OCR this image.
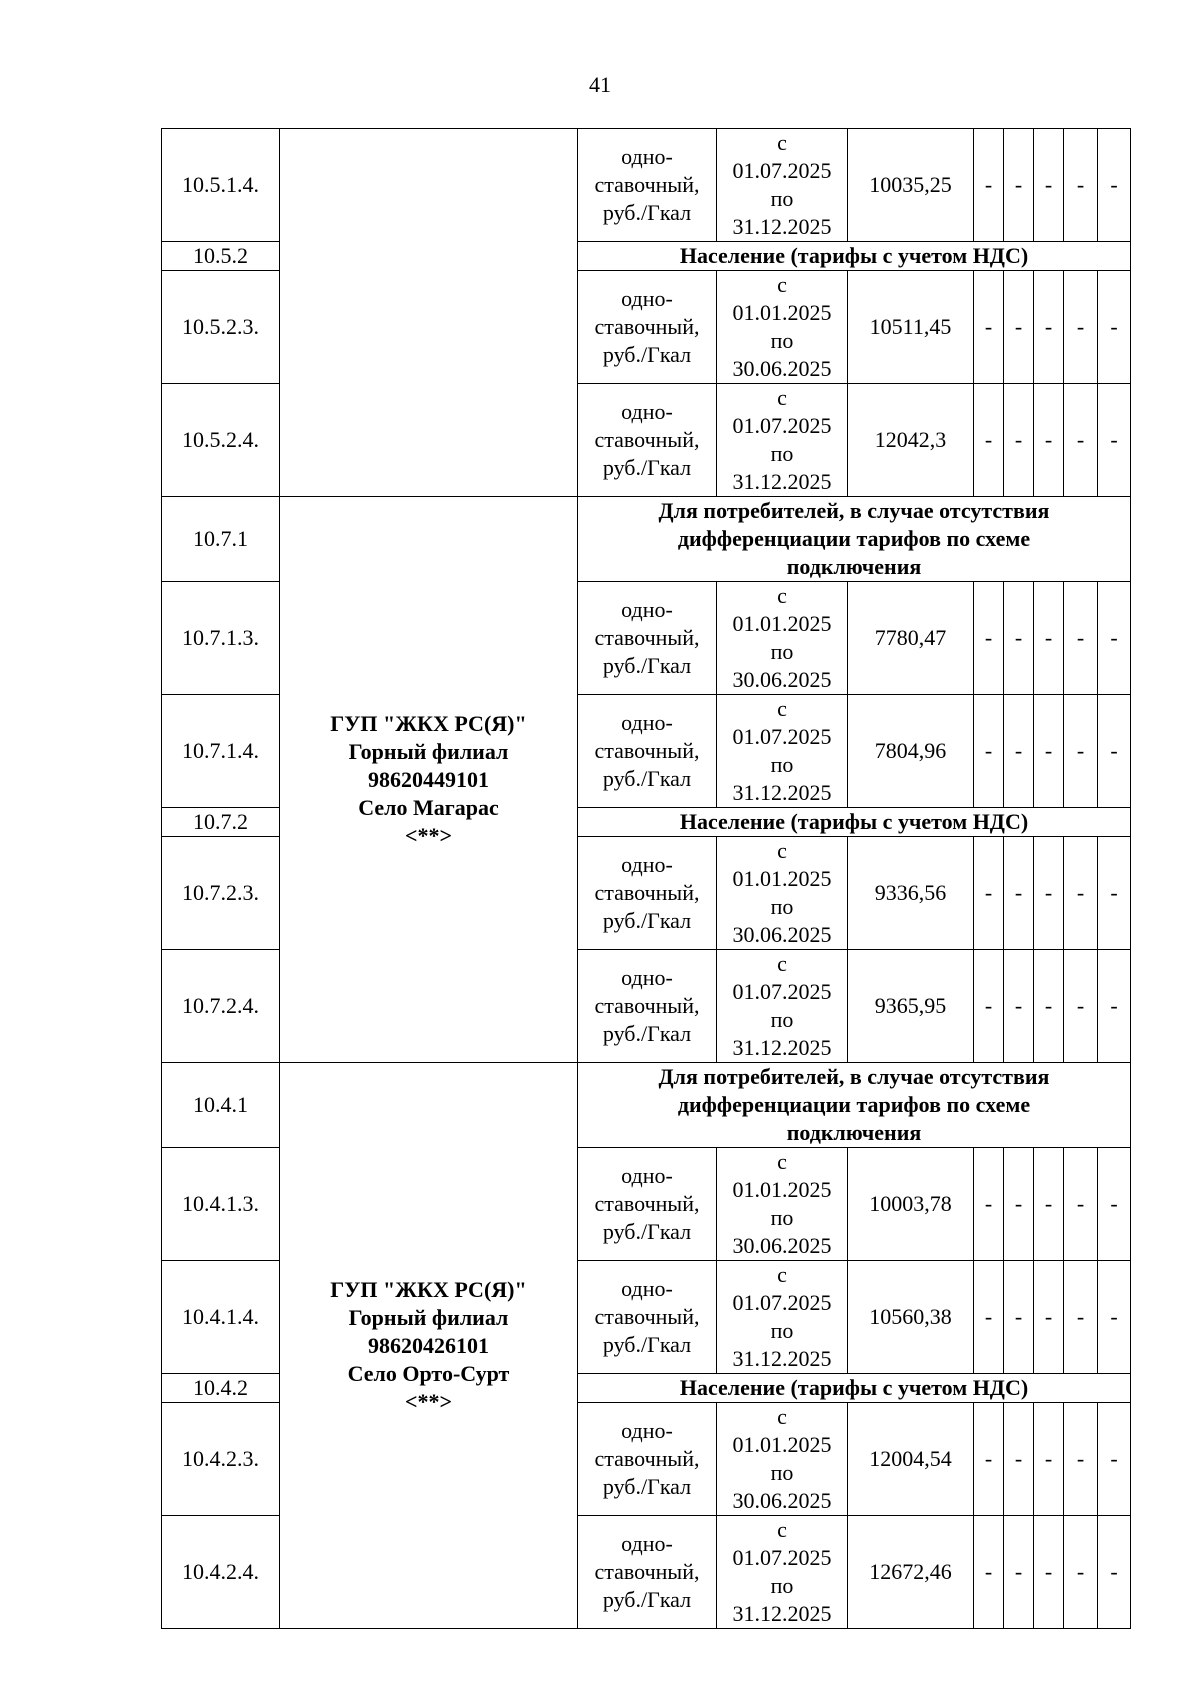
41
10.5.1.4.		одно-
ставочный,
руб./Гкал	с
01.07.2025
по
31.12.2025	10035,25	-	-	-	-	-
10.5.2		Население (тарифы с учетом НДС)							
10.5.2.3.		одно-
ставочный,
руб./Гкал	с
01.01.2025
по
30.06.2025	10511,45	-	-	-	-	-
10.5.2.4.		одно-
ставочный,
руб./Гкал	с
01.07.2025
по
31.12.2025	12042,3	-	-	-	-	-
10.7.1	ГУП "ЖКХ РС(Я)"
Горный филиал
98620449101
Село Магарас
<**>	Для потребителей, в случае отсутствия дифференциации тарифов по схеме подключения							
10.7.1.3.		одно-
ставочный,
руб./Гкал	с
01.01.2025
по
30.06.2025	7780,47	-	-	-	-	-
10.7.1.4.		одно-
ставочный,
руб./Гкал	с
01.07.2025
по
31.12.2025	7804,96	-	-	-	-	-
10.7.2		Население (тарифы с учетом НДС)							
10.7.2.3.		одно-
ставочный,
руб./Гкал	с
01.01.2025
по
30.06.2025	9336,56	-	-	-	-	-
10.7.2.4.		одно-
ставочный,
руб./Гкал	с
01.07.2025
по
31.12.2025	9365,95	-	-	-	-	-
10.4.1	ГУП "ЖКХ РС(Я)"
Горный филиал
98620426101
Село Орто-Сурт
<**>	Для потребителей, в случае отсутствия дифференциации тарифов по схеме подключения							
10.4.1.3.		одно-
ставочный,
руб./Гкал	с
01.01.2025
по
30.06.2025	10003,78	-	-	-	-	-
10.4.1.4.		одно-
ставочный,
руб./Гкал	с
01.07.2025
по
31.12.2025	10560,38	-	-	-	-	-
10.4.2		Население (тарифы с учетом НДС)							
10.4.2.3.		одно-
ставочный,
руб./Гкал	с
01.01.2025
по
30.06.2025	12004,54	-	-	-	-	-
10.4.2.4.		одно-
ставочный,
руб./Гкал	с
01.07.2025
по
31.12.2025	12672,46	-	-	-	-	-
